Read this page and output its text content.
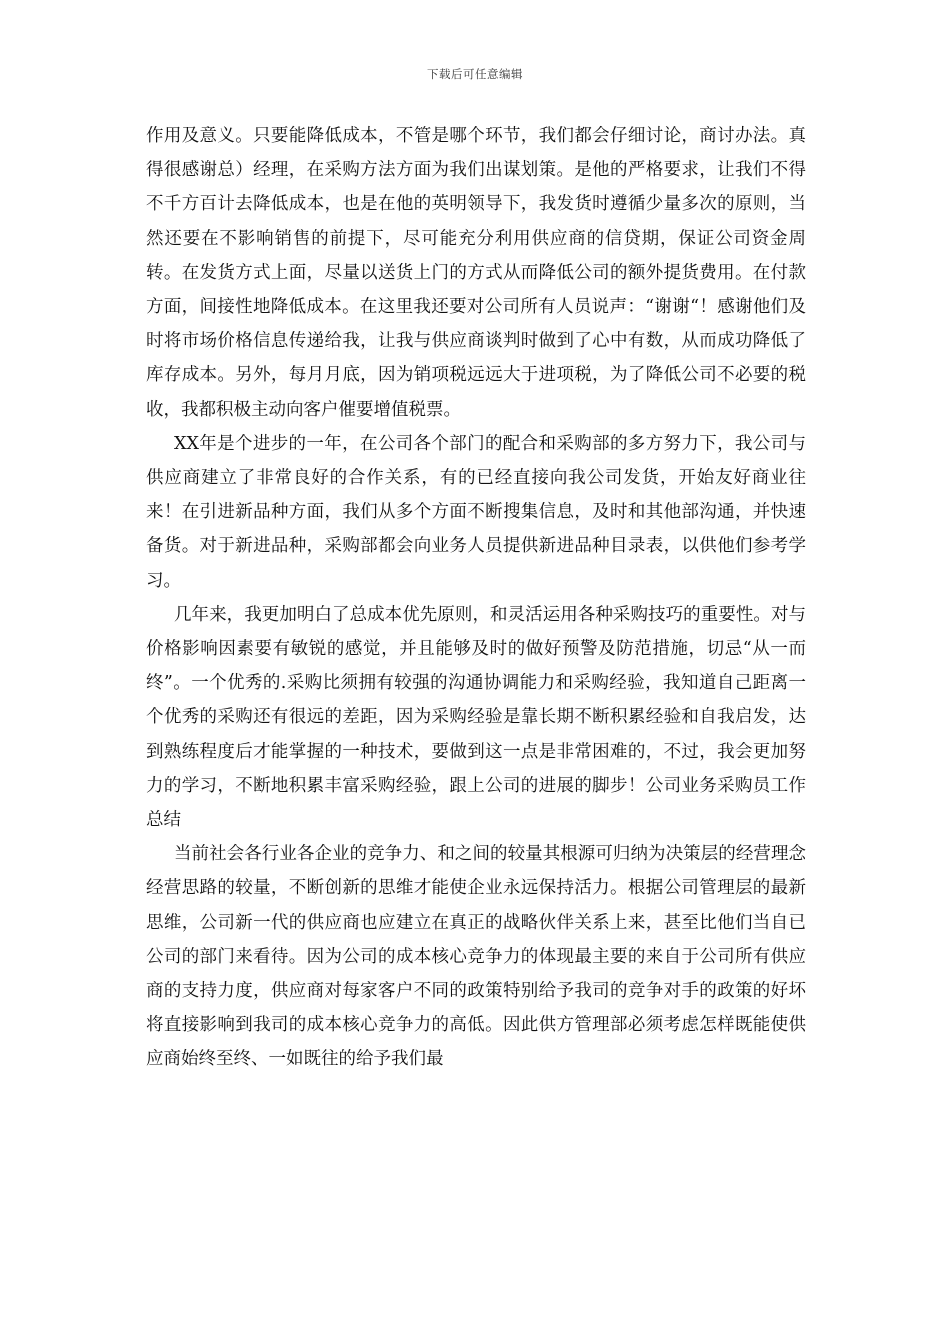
下载后可任意编辑

作用及意义。只要能降低成本，不管是哪个环节，我们都会仔细讨论，商讨办法。真得很感谢总）经理，在采购方法方面为我们出谋划策。是他的严格要求，让我们不得不千方百计去降低成本，也是在他的英明领导下，我发货时遵循少量多次的原则，当然还要在不影响销售的前提下，尽可能充分利用供应商的信贷期，保证公司资金周转。在发货方式上面，尽量以送货上门的方式从而降低公司的额外提货费用。在付款方面，间接性地降低成本。在这里我还要对公司所有人员说声：“谢谢“！感谢他们及时将市场价格信息传递给我，让我与供应商谈判时做到了心中有数，从而成功降低了库存成本。另外，每月月底，因为销项税远远大于进项税，为了降低公司不必要的税收，我都积极主动向客户催要增值税票。

XX年是个进步的一年，在公司各个部门的配合和采购部的多方努力下，我公司与供应商建立了非常良好的合作关系，有的已经直接向我公司发货，开始友好商业往来！在引进新品种方面，我们从多个方面不断搜集信息，及时和其他部沟通，并快速备货。对于新进品种，采购部都会向业务人员提供新进品种目录表，以供他们参考学习。

几年来，我更加明白了总成本优先原则，和灵活运用各种采购技巧的重要性。对与价格影响因素要有敏锐的感觉，并且能够及时的做好预警及防范措施，切忌“从一而终”。一个优秀的.采购比须拥有较强的沟通协调能力和采购经验，我知道自己距离一个优秀的采购还有很远的差距，因为采购经验是靠长期不断积累经验和自我启发，达到熟练程度后才能掌握的一种技术，要做到这一点是非常困难的，不过，我会更加努力的学习，不断地积累丰富采购经验，跟上公司的进展的脚步！公司业务采购员工作总结

当前社会各行业各企业的竞争力、和之间的较量其根源可归纳为决策层的经营理念经营思路的较量，不断创新的思维才能使企业永远保持活力。根据公司管理层的最新思维，公司新一代的供应商也应建立在真正的战略伙伴关系上来，甚至比他们当自已公司的部门来看待。因为公司的成本核心竞争力的体现最主要的来自于公司所有供应商的支持力度，供应商对每家客户不同的政策特别给予我司的竞争对手的政策的好坏将直接影响到我司的成本核心竞争力的高低。因此供方管理部必须考虑怎样既能使供应商始终至终、一如既往的给予我们最
